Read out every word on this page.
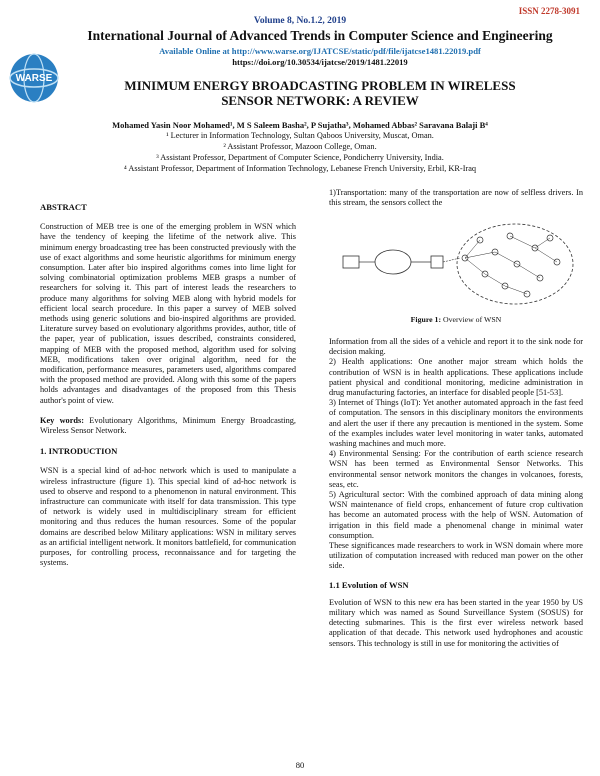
ISSN 2278-3091
Volume 8, No.1.2, 2019
WARSE
International Journal of Advanced Trends in Computer Science and Engineering
Available Online at http://www.warse.org/IJATCSE/static/pdf/file/ijatcse1481.22019.pdf
https://doi.org/10.30534/ijatcse/2019/1481.22019
MINIMUM ENERGY BROADCASTING PROBLEM IN WIRELESS
SENSOR NETWORK: A REVIEW
Mohamed Yasin Noor Mohamed¹, M S Saleem Basha², P Sujatha³, Mohamed Abbas² Saravana Balaji B⁴
¹ Lecturer in Information Technology, Sultan Qaboos University, Muscat, Oman.
² Assistant Professor, Mazoon College, Oman.
³ Assistant Professor, Department of Computer Science, Pondicherry University, India.
⁴ Assistant Professor, Department of Information Technology, Lebanese French University, Erbil, KR-Iraq

ABSTRACT

Construction of MEB tree is one of the emerging problem in WSN which have the tendency of keeping the lifetime of the network alive. This minimum energy broadcasting tree has been constructed previously with the use of exact algorithms and some heuristic algorithms for minimum energy consumption. Later after bio inspired algorithms comes into lime light for solving combinatorial optimization problems MEB grasps a number of researchers for solving it. This part of interest leads the researchers to produce many algorithms for solving MEB along with hybrid models for efficient local search procedure. In this paper a survey of MEB solved methods using generic solutions and bio-inspired algorithms are provided. Literature survey based on evolutionary algorithms provides, author, title of the paper, year of publication, issues described, constraints considered, mapping of MEB with the proposed method, algorithm used for solving MEB, modifications taken over original algorithm, need for the modification, performance measures, parameters used, algorithms compared with the proposed method are provided. Along with this some of the papers holds advantages and disadvantages of the proposed from this Thesis author's point of view.

Key words: Evolutionary Algorithms, Minimum Energy Broadcasting, Wireless Sensor Network.

1. INTRODUCTION

WSN is a special kind of ad-hoc network which is used to manipulate a wireless infrastructure (figure 1). This special kind of ad-hoc network is used to observe and respond to a phenomenon in natural environment. This infrastructure can communicate with itself for data transmission. This type of network is widely used in multidisciplinary stream for efficient monitoring and thus reduces the human resources. Some of the popular domains are described below Military applications: WSN in military serves as an artificial intelligent network. It monitors battlefield, for communication purposes, for controlling process, reconnaissance and for targeting the systems.

1)Transportation: many of the transportation are now of selfless drivers. In this stream, the sensors collect the
Figure 1: Overview of WSN

Information from all the sides of a vehicle and report it to the sink node for decision making.

2) Health applications: One another major stream which holds the contribution of WSN is in health applications. These applications include patient physical and conditional monitoring, medicine administration in drug manufacturing factories, an interface for disabled people [51-53].

3) Internet of Things (IoT): Yet another automated approach in the fast feed of computation. The sensors in this disciplinary monitors the environments and alert the user if there any precaution is mentioned in the system. Some of the examples includes water level monitoring in water tanks, automated washing machines and much more.

4) Environmental Sensing: For the contribution of earth science research WSN has been termed as Environmental Sensor Networks. This environmental sensor network monitors the changes in volcanoes, forests, seas, etc.

5) Agricultural sector: With the combined approach of data mining along WSN maintenance of field crops, enhancement of future crop cultivation has become an automated process with the help of WSN. Automation of irrigation in this field made a phenomenal change in minimal water consumption.

These significances made researchers to work in WSN domain where more utilization of computation increased with reduced man power on the other side.

1.1 Evolution of WSN

Evolution of WSN to this new era has been started in the year 1950 by US military which was named as Sound Surveillance System (SOSUS) for detecting submarines. This is the first ever wireless network based application of that decade. This network used hydrophones and acoustic sensors. This technology is still in use for monitoring the activities of

80
